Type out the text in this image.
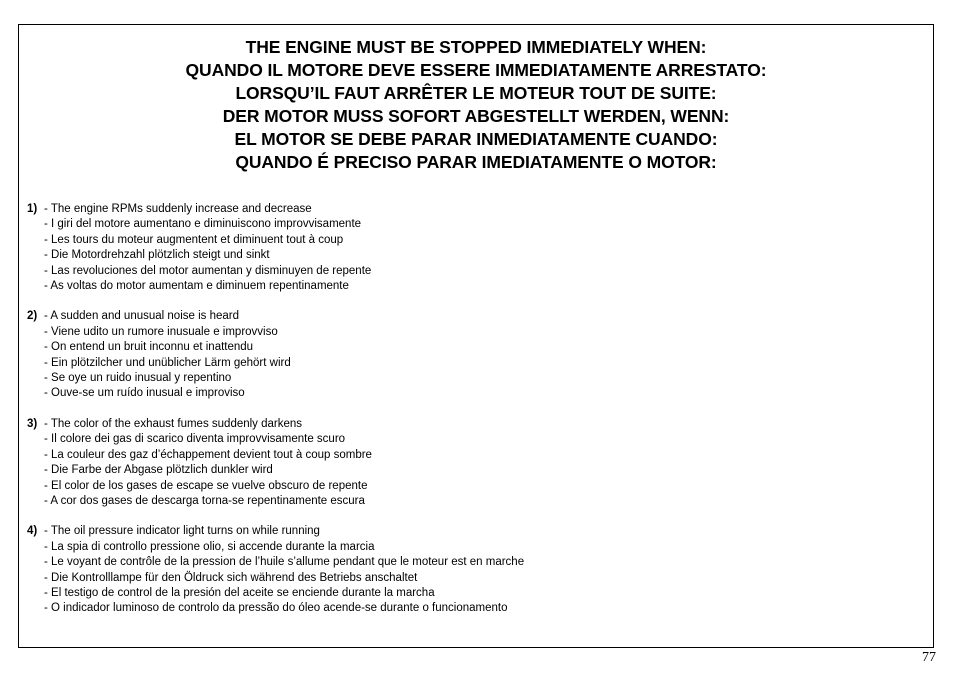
THE ENGINE MUST BE STOPPED IMMEDIATELY WHEN:
QUANDO IL MOTORE DEVE ESSERE IMMEDIATAMENTE ARRESTATO:
LORSQU’IL FAUT ARRÊTER LE MOTEUR TOUT DE SUITE:
DER MOTOR MUSS SOFORT ABGESTELLT WERDEN, WENN:
EL MOTOR SE DEBE PARAR INMEDIATAMENTE CUANDO:
QUANDO É PRECISO PARAR IMEDIATAMENTE O MOTOR:
1) - The engine RPMs suddenly increase and decrease
- I giri del motore aumentano e diminuiscono improvvisamente
- Les tours du moteur augmentent et diminuent tout à coup
- Die Motordrehzahl plötzlich steigt und sinkt
- Las revoluciones del motor aumentan y disminuyen de repente
- As voltas do motor aumentam e diminuem repentinamente
2) - A sudden and unusual noise is heard
- Viene udito un rumore inusuale e improvviso
- On entend un bruit inconnu et inattendu
- Ein plötzilcher und unüblicher Lärm gehört wird
- Se oye un ruido inusual y repentino
- Ouve-se um ruído inusual e improviso
3) - The color of the exhaust fumes suddenly darkens
- Il colore dei gas di scarico diventa improvvisamente scuro
- La couleur des gaz d’échappement devient tout à coup sombre
- Die Farbe der Abgase plötzlich dunkler wird
- El color de los gases de escape se vuelve obscuro de repente
- A cor dos gases de descarga torna-se repentinamente escura
4) - The oil pressure indicator light turns on while running
- La spia di controllo pressione olio, si accende durante la marcia
- Le voyant de contrôle de la pression de l’huile s’allume pendant que le moteur est en marche
- Die Kontrolllampe für den Öldruck sich während des Betriebs anschaltet
- El testigo de control de la presión del aceite se enciende durante la marcha
- O indicador luminoso de controlo da pressão do óleo acende-se durante o funcionamento
77
